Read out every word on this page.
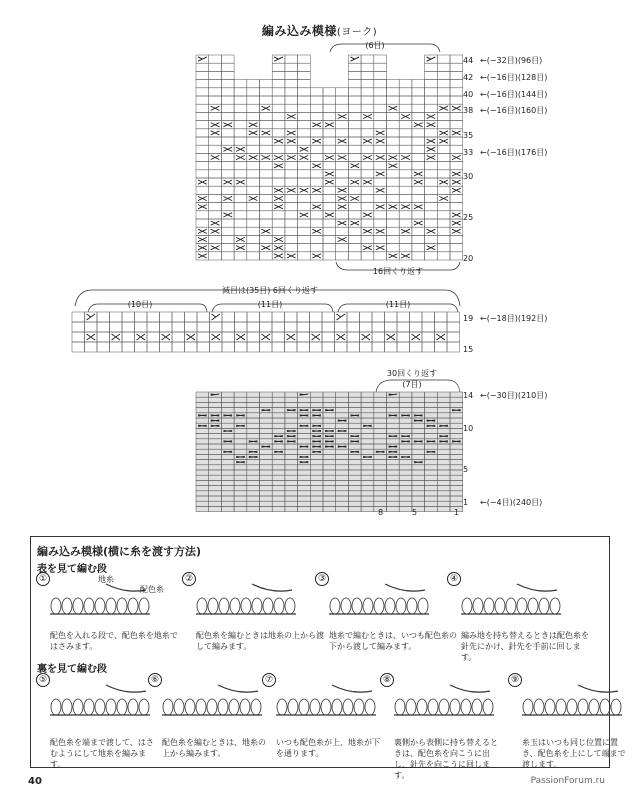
編み込み模様(ヨーク)
(6目)
16回くり返す
44
42
40
38
35
33
30
25
20
←(−32目)(96目)
←(−16目)(128目)
←(−16目)(144目)
←(−16目)(160目)
←(−16目)(176目)
減目は(35目) 6回くり返す
(10目)	(11目)	(11目)
19
15
←(−18目)(192目)
30回くり返す
(7目)
14
10
5
1
←(−30目)(210目)
←(−4目)(240目)
8	5	1
編み込み模様(横に糸を渡す方法)
表を見て編む段
裏を見て編む段
①
配色を入れる段で、配色糸を地糸ではさみます。
②
配色糸を編むときは地糸の上から渡して編みます。
③
地糸で編むときは、いつも配色糸の下から渡して編みます。
④
編み地を持ち替えるときは配色糸を針先にかけ、針先を手前に回します。
⑤
配色糸を端まで渡して、はさむようにして地糸を編みます。
⑥
配色糸を編むときは、地糸の上から編みます。
⑦
いつも配色糸が上、地糸が下を通ります。
⑧
裏側から表側に持ち替えるときは、配色糸を向こうに出し、針先を向こうに回します。
⑨
糸玉はいつも同じ位置に置き、配色糸を上にして端まで渡します。
地糸
配色糸
40	PassionForum.ru
